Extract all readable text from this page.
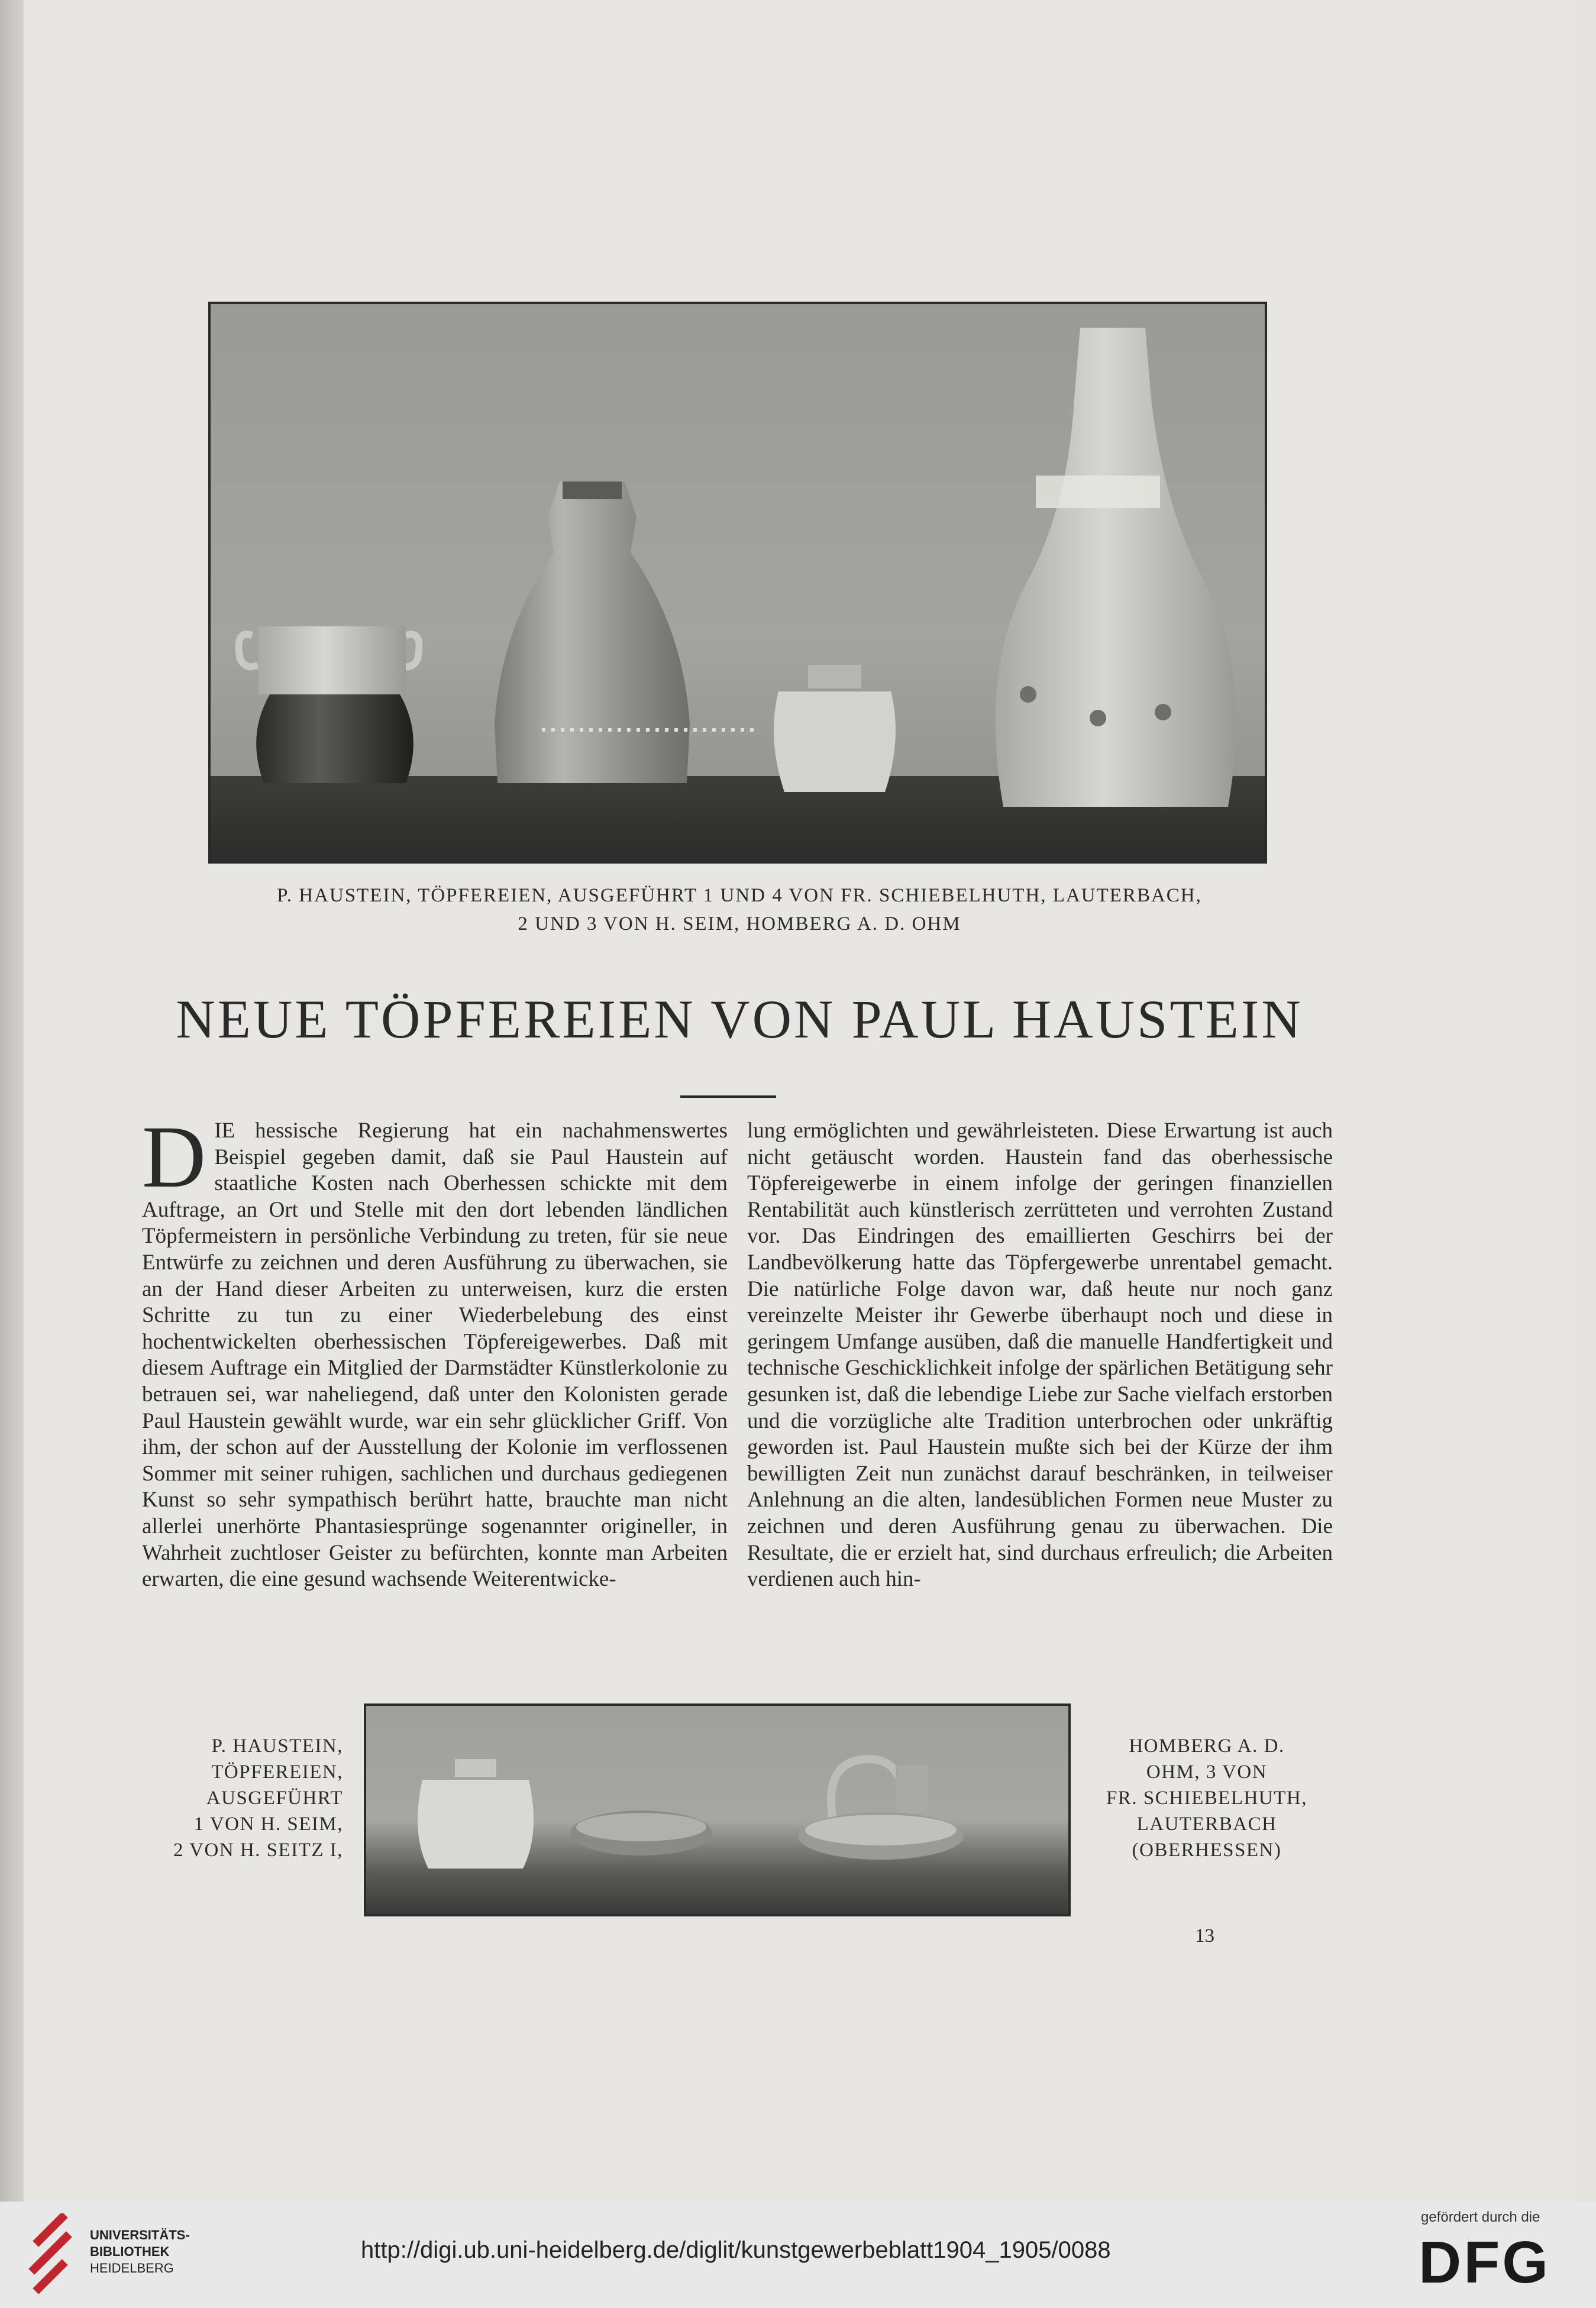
P. HAUSTEIN, TÖPFEREIEN, AUSGEFÜHRT 1 UND 4 VON FR. SCHIEBELHUTH, LAUTERBACH,
2 UND 3 VON H. SEIM, HOMBERG A. D. OHM
NEUE TÖPFEREIEN VON PAUL HAUSTEIN

DIE hessische Regierung hat ein nachahmenswertes Beispiel gegeben damit, daß sie Paul Haustein auf staatliche Kosten nach Oberhessen schickte mit dem Auftrage, an Ort und Stelle mit den dort lebenden ländlichen Töpfermeistern in persönliche Verbindung zu treten, für sie neue Entwürfe zu zeichnen und deren Ausführung zu überwachen, sie an der Hand dieser Arbeiten zu unterweisen, kurz die ersten Schritte zu tun zu einer Wiederbelebung des einst hochentwickelten oberhessischen Töpfereigewerbes. Daß mit diesem Auftrage ein Mitglied der Darmstädter Künstlerkolonie zu betrauen sei, war naheliegend, daß unter den Kolonisten gerade Paul Haustein gewählt wurde, war ein sehr glücklicher Griff. Von ihm, der schon auf der Ausstellung der Kolonie im verflossenen Sommer mit seiner ruhigen, sachlichen und durchaus gediegenen Kunst so sehr sympathisch berührt hatte, brauchte man nicht allerlei unerhörte Phantasiesprünge sogenannter origineller, in Wahrheit zuchtloser Geister zu befürchten, konnte man Arbeiten erwarten, die eine gesund wachsende Weiterentwicke-

lung ermöglichten und gewährleisteten. Diese Erwartung ist auch nicht getäuscht worden. Haustein fand das oberhessische Töpfereigewerbe in einem infolge der geringen finanziellen Rentabilität auch künstlerisch zerrütteten und verrohten Zustand vor. Das Eindringen des emaillierten Geschirrs bei der Landbevölkerung hatte das Töpfergewerbe unrentabel gemacht. Die natürliche Folge davon war, daß heute nur noch ganz vereinzelte Meister ihr Gewerbe überhaupt noch und diese in geringem Umfange ausüben, daß die manuelle Handfertigkeit und technische Geschicklichkeit infolge der spärlichen Betätigung sehr gesunken ist, daß die lebendige Liebe zur Sache vielfach erstorben und die vorzügliche alte Tradition unterbrochen oder unkräftig geworden ist. Paul Haustein mußte sich bei der Kürze der ihm bewilligten Zeit nun zunächst darauf beschränken, in teilweiser Anlehnung an die alten, landesüblichen Formen neue Muster zu zeichnen und deren Ausführung genau zu überwachen. Die Resultate, die er erzielt hat, sind durchaus erfreulich; die Arbeiten verdienen auch hin-

P. HAUSTEIN,
TÖPFEREIEN,
AUSGEFÜHRT
1 VON H. SEIM,
2 VON H. SEITZ I,
HOMBERG A. D.
OHM, 3 VON
FR. SCHIEBELHUTH,
LAUTERBACH
(OBERHESSEN)
13
UNIVERSITÄTS-
BIBLIOTHEK
HEIDELBERG
http://digi.ub.uni-heidelberg.de/diglit/kunstgewerbeblatt1904_1905/0088
gefördert durch die
DFG
